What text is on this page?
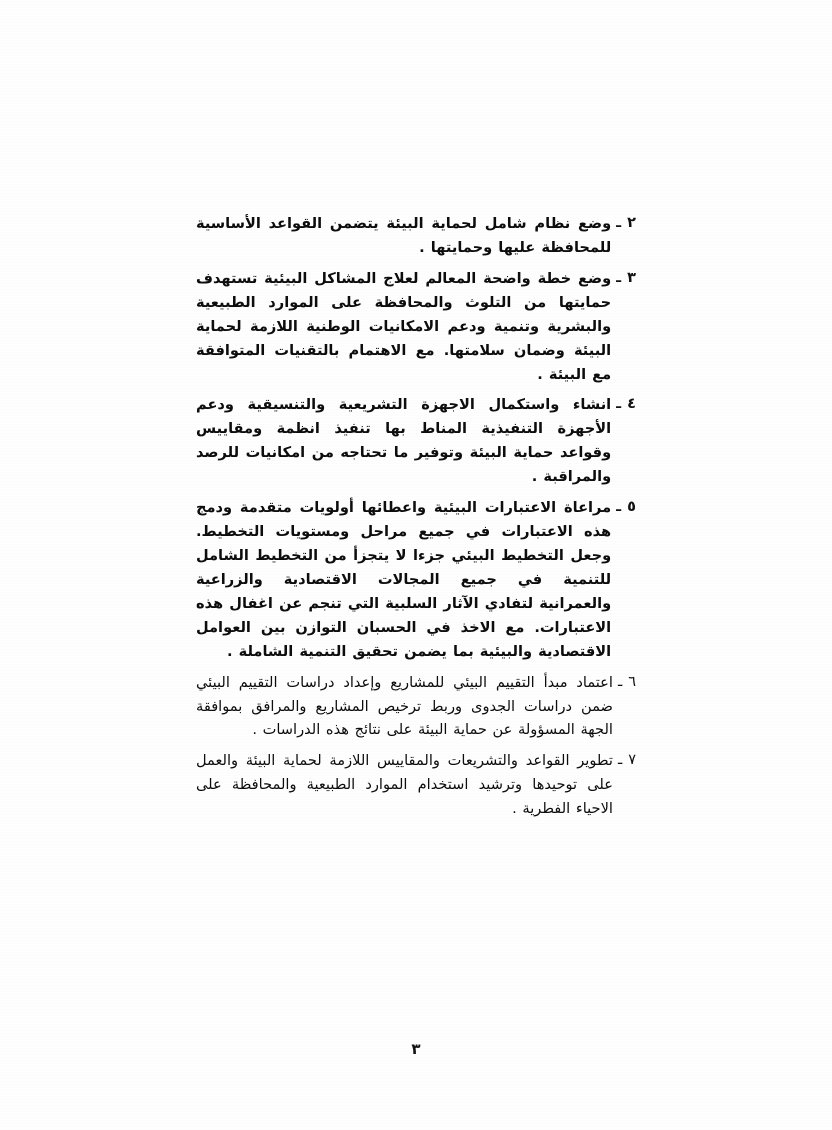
٢
ـ
وضع نظام شامل لحماية البيئة يتضمن القواعد الأساسية للمحافظة عليها وحمايتها .
٣
ـ
وضع خطة واضحة المعالم لعلاج المشاكل البيئية تستهدف حمايتها من التلوث والمحافظة على الموارد الطبيعية والبشرية وتنمية ودعم الامكانيات الوطنية اللازمة لحماية البيئة وضمان سلامتها. مع الاهتمام بالتقنيات المتوافقة مع البيئة .
٤
ـ
انشاء واستكمال الاجهزة التشريعية والتنسيقية ودعم الأجهزة التنفيذية المناط بها تنفيذ انظمة ومقاييس وقواعد حماية البيئة وتوفير ما تحتاجه من امكانيات للرصد والمراقبة .
٥
ـ
مراعاة الاعتبارات البيئية واعطائها أولويات متقدمة ودمج هذه الاعتبارات في جميع مراحل ومستويات التخطيط. وجعل التخطيط البيئي جزءا لا يتجزأ من التخطيط الشامل للتنمية في جميع المجالات الاقتصادية والزراعية والعمرانية لتفادي الآثار السلبية التي تنجم عن اغفال هذه الاعتبارات. مع الاخذ في الحسبان التوازن بين العوامل الاقتصادية والبيئية بما يضمن تحقيق التنمية الشاملة .
٦
ـ
اعتماد مبدأ التقييم البيئي للمشاريع وإعداد دراسات التقييم البيئي ضمن دراسات الجدوى وربط ترخيص المشاريع والمرافق بموافقة الجهة المسؤولة عن حماية البيئة على نتائج هذه الدراسات .
٧
ـ
تطوير القواعد والتشريعات والمقاييس اللازمة لحماية البيئة والعمل على توحيدها وترشيد استخدام الموارد الطبيعية والمحافظة على الاحياء الفطرية .
٣
